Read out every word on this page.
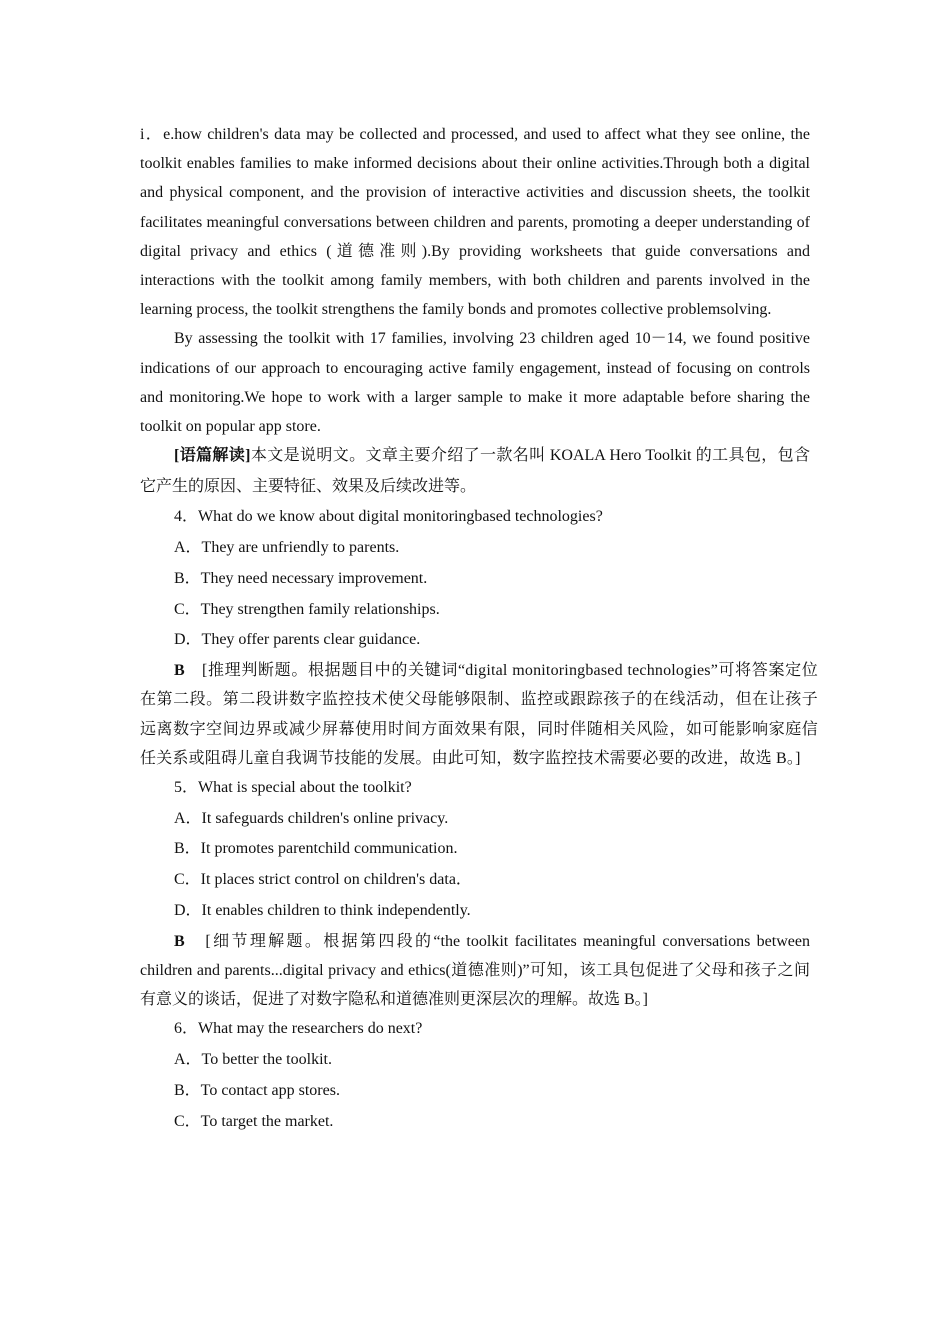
i．e.how children's data may be collected and processed, and used to affect what they see online, the toolkit enables families to make informed decisions about their online activities.Through both a digital and physical component, and the provision of interactive activities and discussion sheets, the toolkit facilitates meaningful conversations between children and parents, promoting a deeper understanding of digital privacy and ethics (道德准则).By providing worksheets that guide conversations and interactions with the toolkit among family members, with both children and parents involved in the learning process, the toolkit strengthens the family bonds and promotes collective problemsolving.

By assessing the toolkit with 17 families, involving 23 children aged 10－14, we found positive indications of our approach to encouraging active family engagement, instead of focusing on controls and monitoring.We hope to work with a larger sample to make it more adaptable before sharing the toolkit on popular app store.

[语篇解读]本文是说明文。文章主要介绍了一款名叫 KOALA Hero Toolkit 的工具包，包含它产生的原因、主要特征、效果及后续改进等。

4．What do we know about digital monitoringbased technologies?

A．They are unfriendly to parents.

B．They need necessary improvement.

C．They strengthen family relationships.

D．They offer parents clear guidance.

B　 [推理判断题。根据题目中的关键词“digital monitoringbased technologies”可将答案定位在第二段。第二段讲数字监控技术使父母能够限制、监控或跟踪孩子的在线活动，但在让孩子远离数字空间边界或减少屏幕使用时间方面效果有限，同时伴随相关风险，如可能影响家庭信任关系或阻碍儿童自我调节技能的发展。由此可知，数字监控技术需要必要的改进，故选 B。]

5．What is special about the toolkit?

A．It safeguards children's online privacy.

B．It promotes parentchild communication.

C．It places strict control on children's data．

D．It enables children to think independently.

B　 [细节理解题。根据第四段的“the toolkit facilitates meaningful conversations between children and parents...digital privacy and ethics(道德准则)”可知，该工具包促进了父母和孩子之间有意义的谈话，促进了对数字隐私和道德准则更深层次的理解。故选 B。]

6．What may the researchers do next?

A．To better the toolkit.

B．To contact app stores.

C．To target the market.
